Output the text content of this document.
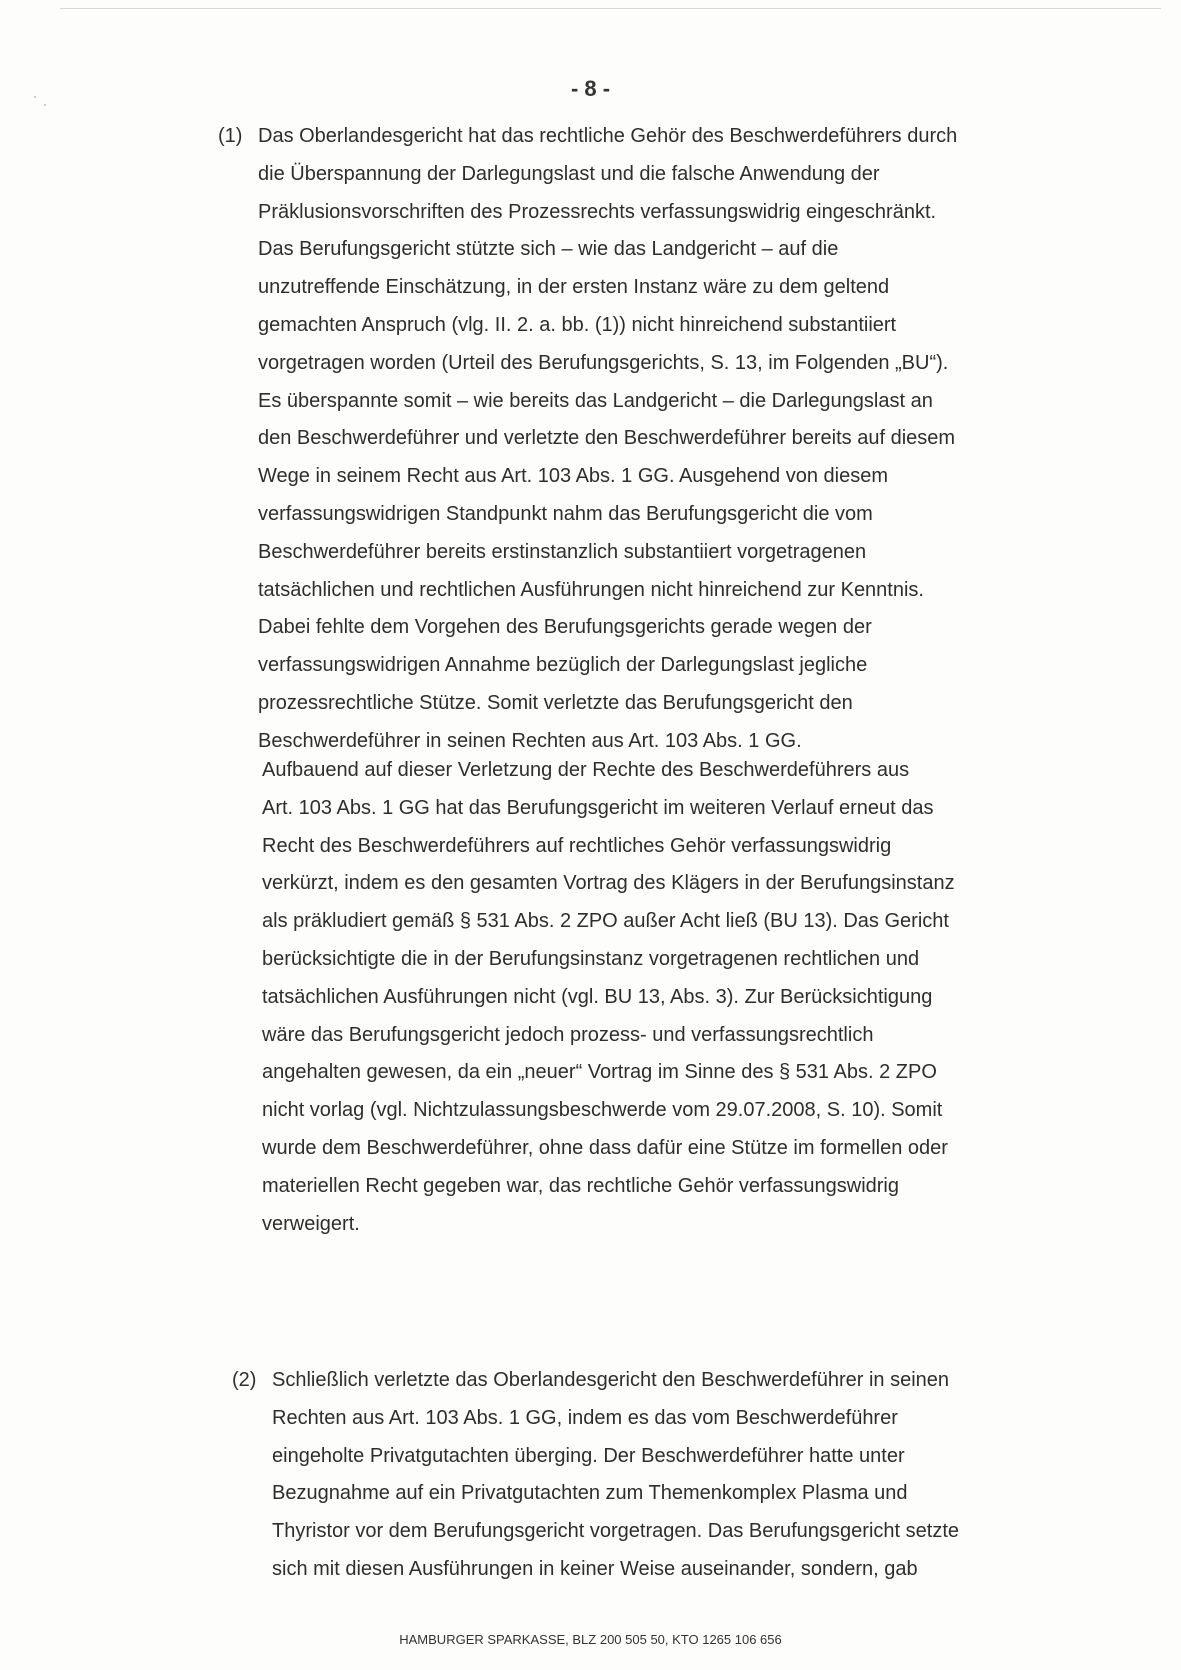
- 8 -
(1) Das Oberlandesgericht hat das rechtliche Gehör des Beschwerdeführers durch
die Überspannung der Darlegungslast und die falsche Anwendung der
Präklusionsvorschriften des Prozessrechts verfassungswidrig eingeschränkt.
Das Berufungsgericht stützte sich – wie das Landgericht – auf die
unzutreffende Einschätzung, in der ersten Instanz wäre zu dem geltend
gemachten Anspruch (vlg. II. 2. a. bb. (1)) nicht hinreichend substantiiert
vorgetragen worden (Urteil des Berufungsgerichts, S. 13, im Folgenden „BU“).
Es überspannte somit – wie bereits das Landgericht – die Darlegungslast an
den Beschwerdeführer und verletzte den Beschwerdeführer bereits auf diesem
Wege in seinem Recht aus Art. 103 Abs. 1 GG. Ausgehend von diesem
verfassungswidrigen Standpunkt nahm das Berufungsgericht die vom
Beschwerdeführer bereits erstinstanzlich substantiiert vorgetragenen
tatsächlichen und rechtlichen Ausführungen nicht hinreichend zur Kenntnis.
Dabei fehlte dem Vorgehen des Berufungsgerichts gerade wegen der
verfassungswidrigen Annahme bezüglich der Darlegungslast jegliche
prozessrechtliche Stütze. Somit verletzte das Berufungsgericht den
Beschwerdeführer in seinen Rechten aus Art. 103 Abs. 1 GG.
Aufbauend auf dieser Verletzung der Rechte des Beschwerdeführers aus
Art. 103 Abs. 1 GG hat das Berufungsgericht im weiteren Verlauf erneut das
Recht des Beschwerdeführers auf rechtliches Gehör verfassungswidrig
verkürzt, indem es den gesamten Vortrag des Klägers in der Berufungsinstanz
als präkludiert gemäß § 531 Abs. 2 ZPO außer Acht ließ (BU 13). Das Gericht
berücksichtigte die in der Berufungsinstanz vorgetragenen rechtlichen und
tatsächlichen Ausführungen nicht (vgl. BU 13, Abs. 3). Zur Berücksichtigung
wäre das Berufungsgericht jedoch prozess- und verfassungsrechtlich
angehalten gewesen, da ein „neuer“ Vortrag im Sinne des § 531 Abs. 2 ZPO
nicht vorlag (vgl. Nichtzulassungsbeschwerde vom 29.07.2008, S. 10). Somit
wurde dem Beschwerdeführer, ohne dass dafür eine Stütze im formellen oder
materiellen Recht gegeben war, das rechtliche Gehör verfassungswidrig
verweigert.
(2) Schließlich verletzte das Oberlandesgericht den Beschwerdeführer in seinen
Rechten aus Art. 103 Abs. 1 GG, indem es das vom Beschwerdeführer
eingeholte Privatgutachten überging. Der Beschwerdeführer hatte unter
Bezugnahme auf ein Privatgutachten zum Themenkomplex Plasma und
Thyristor vor dem Berufungsgericht vorgetragen. Das Berufungsgericht setzte
sich mit diesen Ausführungen in keiner Weise auseinander, sondern, gab
HAMBURGER SPARKASSE, BLZ 200 505 50, KTO 1265 106 656
